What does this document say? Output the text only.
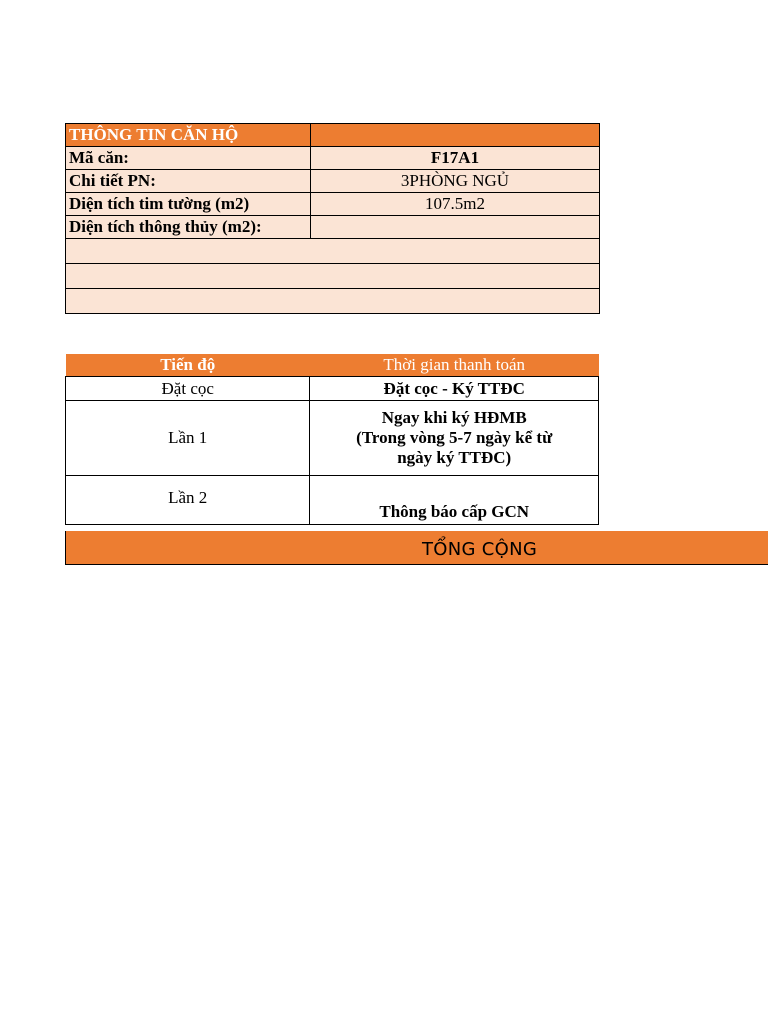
THÔNG TIN CĂN HỘ	
Mã căn:	F17A1
Chi tiết PN:	3PHÒNG NGỦ
Diện tích tim tường (m2)	107.5m2
Diện tích thông thủy (m2):	

Tiến độ	Thời gian thanh toán
Đặt cọc	Đặt cọc - Ký TTĐC
Lần 1	Ngay khi ký HĐMB
(Trong vòng 5-7 ngày kể từ
ngày ký TTĐC)

Lần 2	Thông báo cấp GCN
TỔNG CỘNG
